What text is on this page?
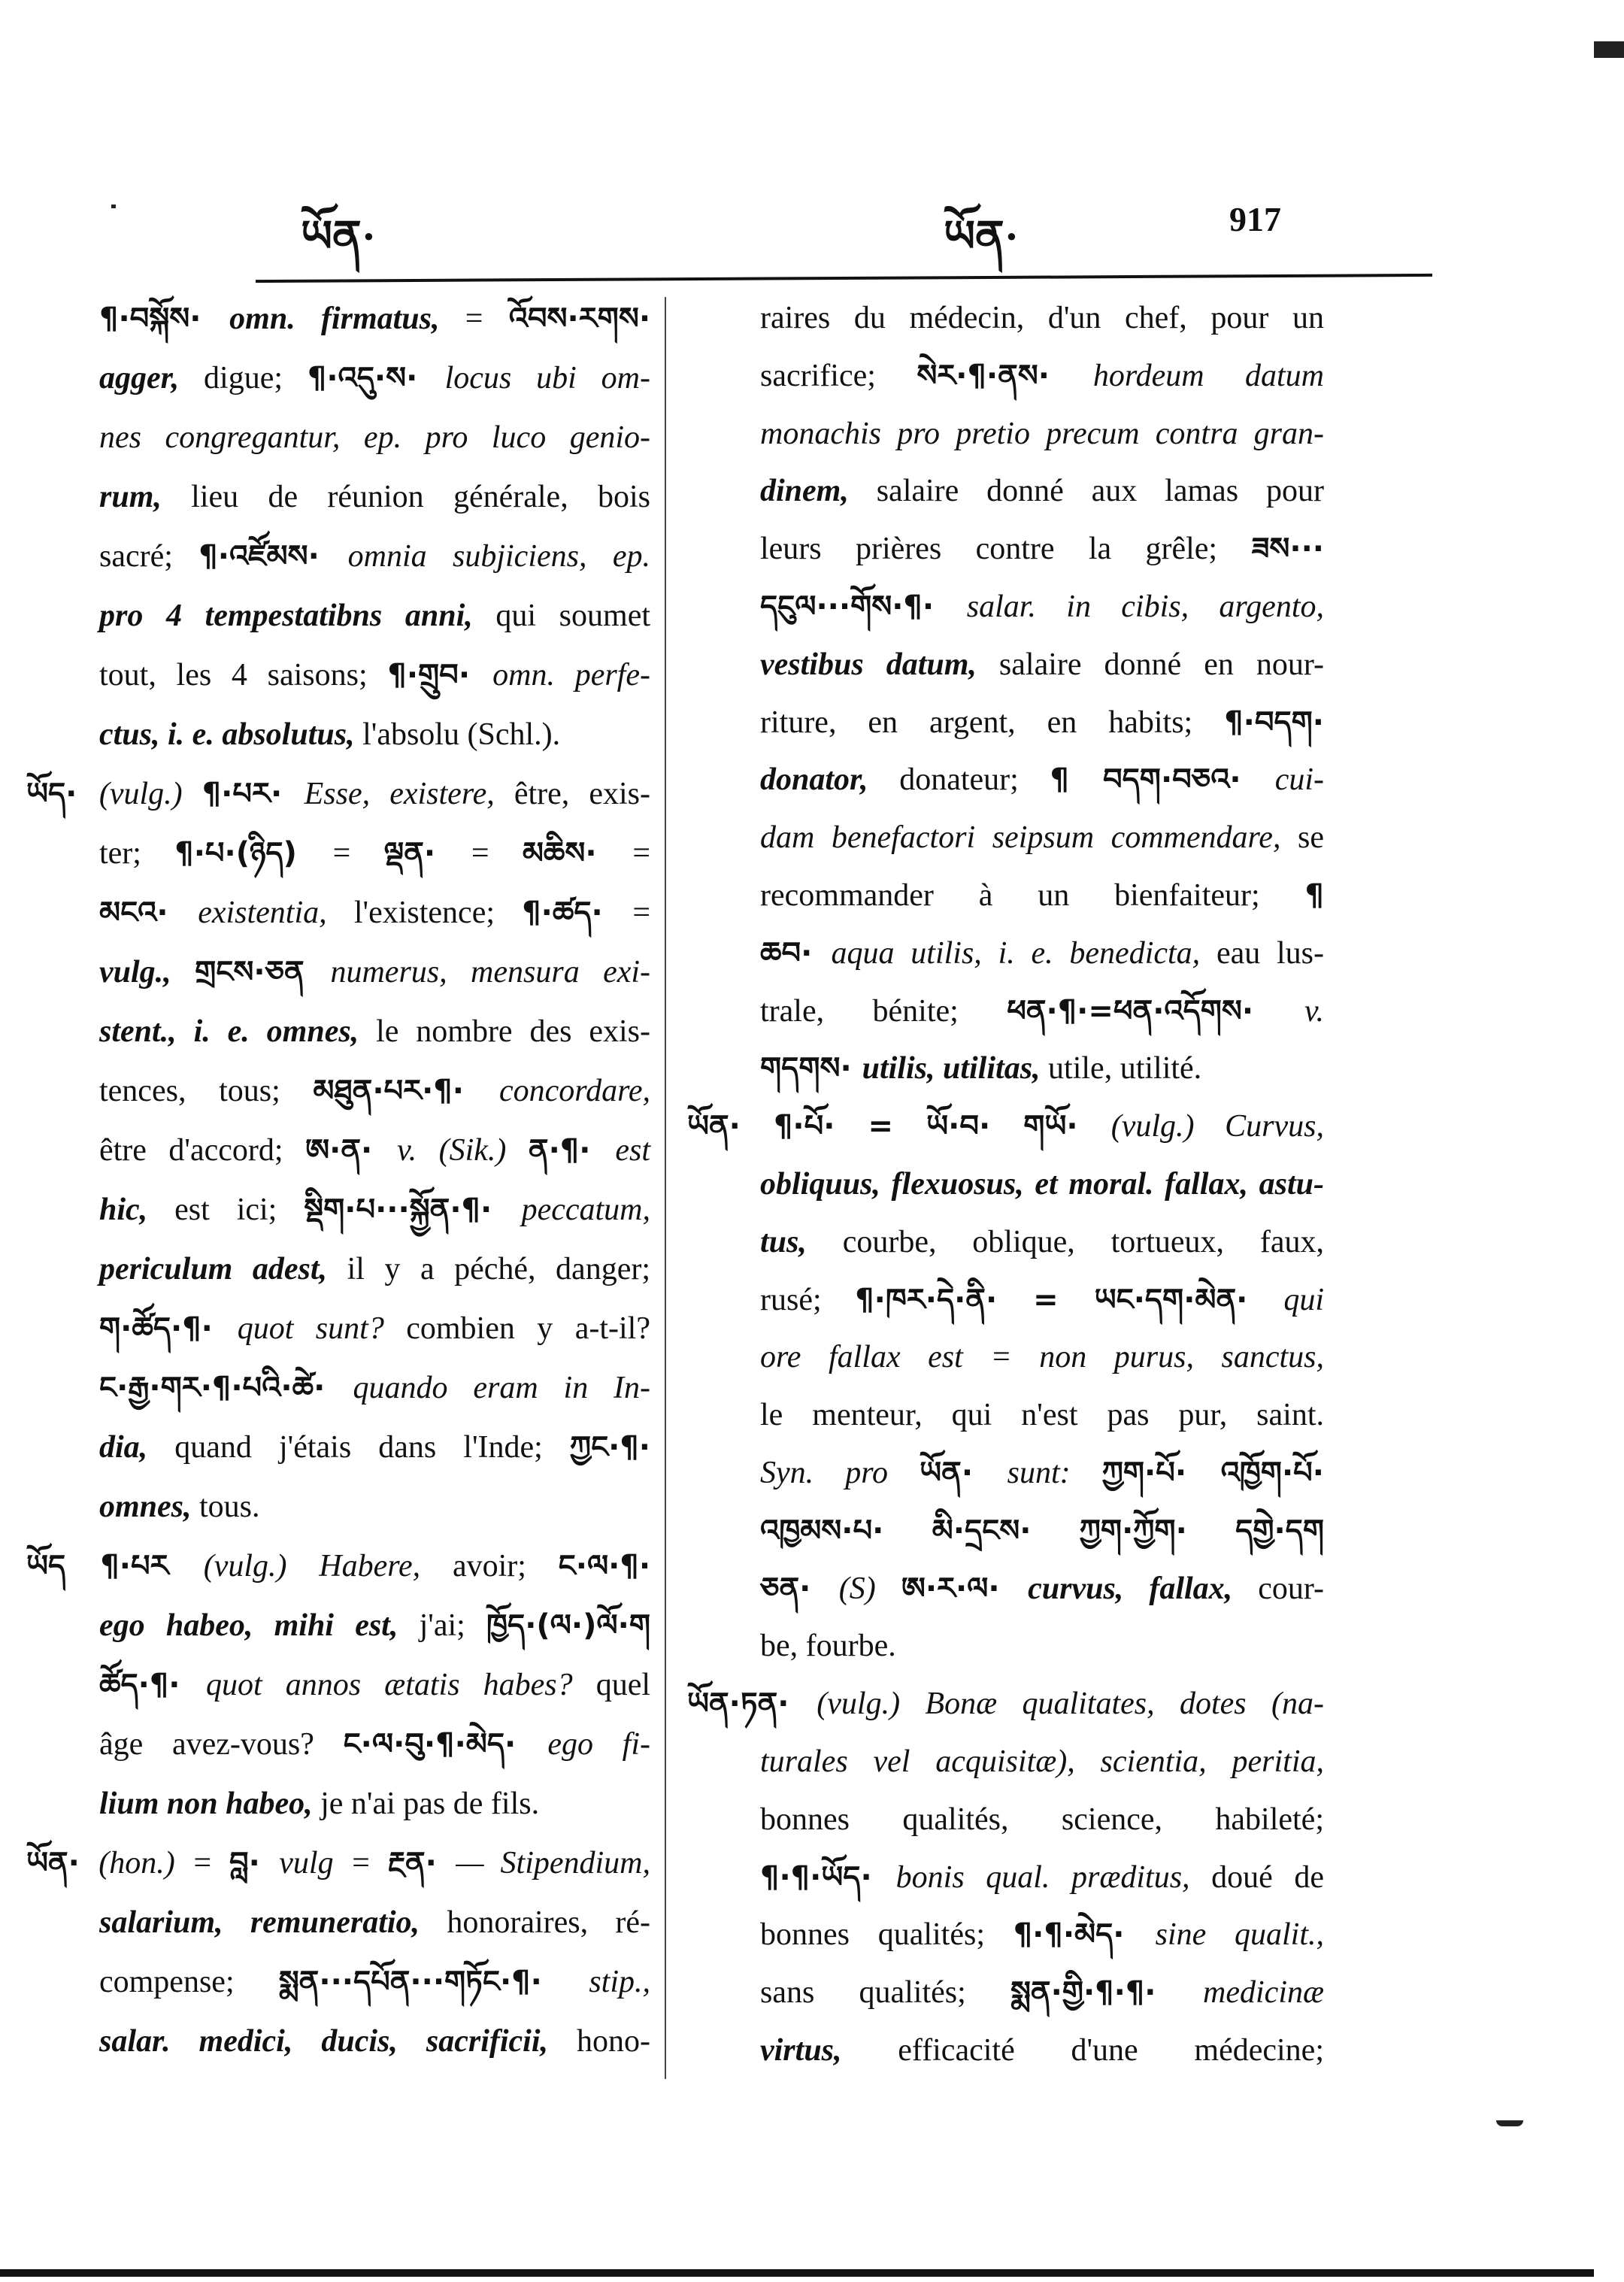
ཡོན·	ཡོན·	917
¶·བསྐོས· omn. firmatus, = འོབས·རགས·
agger, digue; ¶·འདུ·ས· locus ubi om-
nes congregantur, ep. pro luco genio-
rum, lieu de réunion générale, bois
sacré; ¶·འཛོམས· omnia subjiciens, ep.
pro 4 tempestatibns anni, qui soumet
tout, les 4 saisons; ¶·གྲུབ· omn. perfe-
ctus, i. e. absolutus, l'absolu (Schl.).
ཡོད· (vulg.) ¶·པར· Esse, existere, être, exis-
ter; ¶·པ·(ཉིད) = ལྡན· = མཆིས· =
མངའ· existentia, l'existence; ¶·ཚད· =
vulg., གྲངས·ཅན numerus, mensura exi-
stent., i. e. omnes, le nombre des exis-
tences, tous; མཐུན·པར·¶· concordare,
être d'accord; ཨ·ན· v. (Sik.) ན·¶· est
hic, est ici; སྡིག·པ···སྐྱོན·¶· peccatum,
periculum adest, il y a péché, danger;
ག·ཚོད·¶· quot sunt? combien y a-t-il?
ང·རྒྱ·གར·¶·པའི·ཚེ· quando eram in In-
dia, quand j'étais dans l'Inde; ཀྱང·¶·
omnes, tous.
ཡོད ¶·པར (vulg.) Habere, avoir; ང·ལ·¶·
ego habeo, mihi est, j'ai; ཁྱོད·(ལ·)ལོ·ག
ཚོད·¶· quot annos ætatis habes? quel
âge avez-vous? ང·ལ·བུ·¶·མེད· ego fi-
lium non habeo, je n'ai pas de fils.
ཡོན· (hon.) = བླ· vulg = རྔན· — Stipendium,
salarium, remuneratio, honoraires, ré-
compense; སྨན···དཔོན···གཏོང·¶· stip.,
salar. medici, ducis, sacrificii, hono-
raires du médecin, d'un chef, pour un
sacrifice; སེར·¶·ནས· hordeum datum
monachis pro pretio precum contra gran-
dinem, salaire donné aux lamas pour
leurs prières contre la grêle; ཟས···
དངུལ···གོས·¶· salar. in cibis, argento,
vestibus datum, salaire donné en nour-
riture, en argent, en habits; ¶·བདག·
donator, donateur; ¶ བདག·བཅའ· cui-
dam benefactori seipsum commendare, se
recommander à un bienfaiteur; ¶
ཆབ· aqua utilis, i. e. benedicta, eau lus-
trale, bénite; ཕན·¶·=ཕན·འདོགས· v.
གདགས· utilis, utilitas, utile, utilité.
ཡོན· ¶·པོ· = ཡོ·བ· གཡོ· (vulg.) Curvus,
obliquus, flexuosus, et moral. fallax, astu-
tus, courbe, oblique, tortueux, faux,
rusé; ¶·ཁར·དེ·ནི· = ཡང·དག·མེན· qui
ore fallax est = non purus, sanctus,
le menteur, qui n'est pas pur, saint.
Syn. pro ཡོན· sunt: ཀྱག·པོ· འཁྱོག·པོ·
འཁྱམས·པ· མི·དྲངས· ཀྱག·ཀྱོག· དགྱེ·དག
ཅན· (S) ཨ·ར·ལ· curvus, fallax, cour-
be, fourbe.
ཡོན·ཏན· (vulg.) Bonæ qualitates, dotes (na-
turales vel acquisitæ), scientia, peritia,
bonnes qualités, science, habileté;
¶·¶·ཡོད· bonis qual. præditus, doué de
bonnes qualités; ¶·¶·མེད· sine qualit.,
sans qualités; སྨན·གྱི·¶·¶· medicinæ
virtus, efficacité d'une médecine;
